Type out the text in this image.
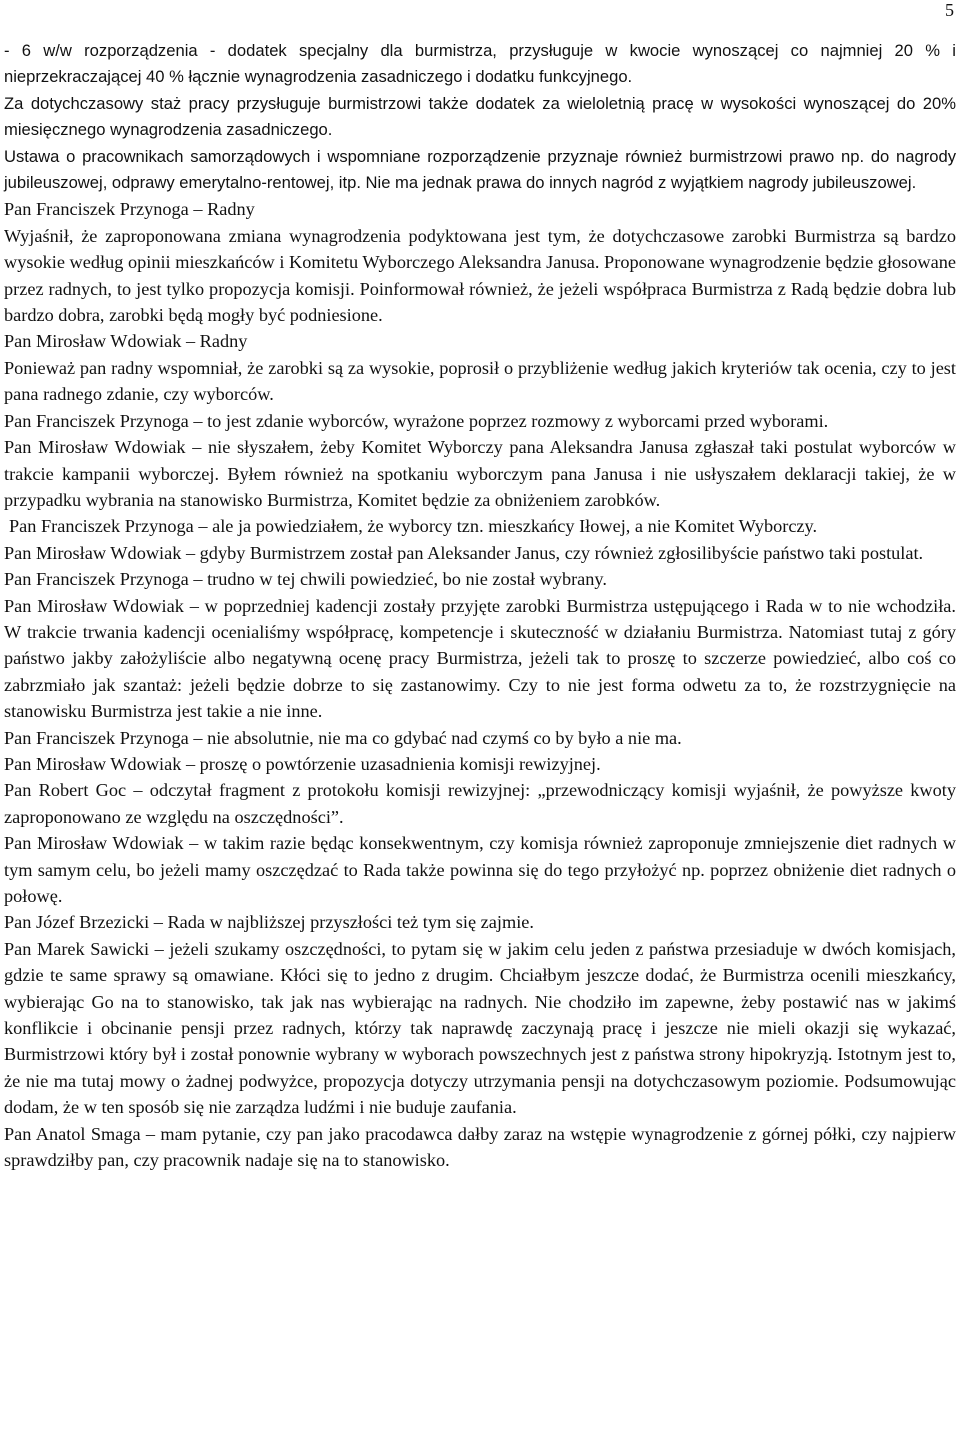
5

- 6 w/w rozporządzenia - dodatek specjalny dla burmistrza, przysługuje w kwocie wynoszącej co najmniej 20 % i nieprzekraczającej 40 % łącznie wynagrodzenia zasadniczego i dodatku funkcyjnego.

Za dotychczasowy staż pracy przysługuje burmistrzowi także dodatek za wieloletnią pracę w wysokości wynoszącej do 20% miesięcznego wynagrodzenia zasadniczego.

Ustawa o pracownikach samorządowych i wspomniane rozporządzenie przyznaje również burmistrzowi prawo np. do nagrody jubileuszowej, odprawy emerytalno-rentowej, itp. Nie ma jednak prawa do innych nagród z wyjątkiem nagrody jubileuszowej.

Pan Franciszek Przynoga – Radny

Wyjaśnił, że zaproponowana zmiana wynagrodzenia podyktowana jest tym, że dotychczasowe zarobki Burmistrza są bardzo wysokie według opinii mieszkańców i Komitetu Wyborczego Aleksandra Janusa. Proponowane wynagrodzenie będzie głosowane przez radnych, to jest tylko propozycja komisji. Poinformował również, że jeżeli współpraca Burmistrza z Radą będzie dobra lub bardzo dobra, zarobki będą mogły być podniesione.

Pan Mirosław Wdowiak – Radny

Ponieważ pan radny wspomniał, że zarobki są za wysokie, poprosił o przybliżenie według jakich kryteriów tak ocenia, czy to jest pana radnego zdanie, czy wyborców.

Pan Franciszek Przynoga – to jest zdanie wyborców, wyrażone poprzez rozmowy z wyborcami przed wyborami.

Pan Mirosław Wdowiak – nie słyszałem, żeby Komitet Wyborczy pana Aleksandra Janusa zgłaszał taki postulat wyborców w trakcie kampanii wyborczej. Byłem również na spotkaniu wyborczym pana Janusa i nie usłyszałem deklaracji takiej, że w przypadku wybrania na stanowisko Burmistrza, Komitet będzie za obniżeniem zarobków.

Pan Franciszek Przynoga – ale ja powiedziałem, że wyborcy tzn. mieszkańcy Iłowej, a nie Komitet Wyborczy.

Pan Mirosław Wdowiak – gdyby Burmistrzem został pan Aleksander Janus, czy również zgłosilibyście państwo taki postulat.

Pan Franciszek Przynoga – trudno w tej chwili powiedzieć, bo nie został wybrany.

Pan Mirosław Wdowiak – w poprzedniej kadencji zostały przyjęte zarobki Burmistrza ustępującego i Rada w to nie wchodziła. W trakcie trwania kadencji ocenialiśmy współpracę, kompetencje i skuteczność w działaniu Burmistrza. Natomiast tutaj z góry państwo jakby założyliście albo negatywną ocenę pracy Burmistrza, jeżeli tak to proszę to szczerze powiedzieć, albo coś co zabrzmiało jak szantaż: jeżeli będzie dobrze to się zastanowimy. Czy to nie jest forma odwetu za to, że rozstrzygnięcie na stanowisku Burmistrza jest takie a nie inne.

Pan Franciszek Przynoga – nie absolutnie, nie ma co gdybać nad czymś co by było a nie ma.

Pan Mirosław Wdowiak – proszę o powtórzenie uzasadnienia komisji rewizyjnej.

Pan Robert Goc – odczytał fragment z protokołu komisji rewizyjnej: „przewodniczący komisji wyjaśnił, że powyższe kwoty zaproponowano ze względu na oszczędności”.

Pan Mirosław Wdowiak – w takim razie będąc konsekwentnym, czy komisja również zaproponuje zmniejszenie diet radnych w tym samym celu, bo jeżeli mamy oszczędzać to Rada także powinna się do tego przyłożyć np. poprzez obniżenie diet radnych o połowę.

Pan Józef Brzezicki – Rada w najbliższej przyszłości też tym się zajmie.

Pan Marek Sawicki – jeżeli szukamy oszczędności, to pytam się w jakim celu jeden z państwa przesiaduje w dwóch komisjach, gdzie te same sprawy są omawiane. Kłóci się to jedno z drugim. Chciałbym jeszcze dodać, że Burmistrza ocenili mieszkańcy, wybierając Go na to stanowisko, tak jak nas wybierając na radnych. Nie chodziło im zapewne, żeby postawić nas w jakimś konflikcie i obcinanie pensji przez radnych, którzy tak naprawdę zaczynają pracę i jeszcze nie mieli okazji się wykazać, Burmistrzowi który był i został ponownie wybrany w wyborach powszechnych jest z państwa strony hipokryzją. Istotnym jest to, że nie ma tutaj mowy o żadnej podwyżce, propozycja dotyczy utrzymania pensji na dotychczasowym poziomie. Podsumowując dodam, że w ten sposób się nie zarządza ludźmi i nie buduje zaufania.

Pan Anatol Smaga – mam pytanie, czy pan jako pracodawca dałby zaraz na wstępie wynagrodzenie z górnej półki, czy najpierw sprawdziłby pan, czy pracownik nadaje się na to stanowisko.
